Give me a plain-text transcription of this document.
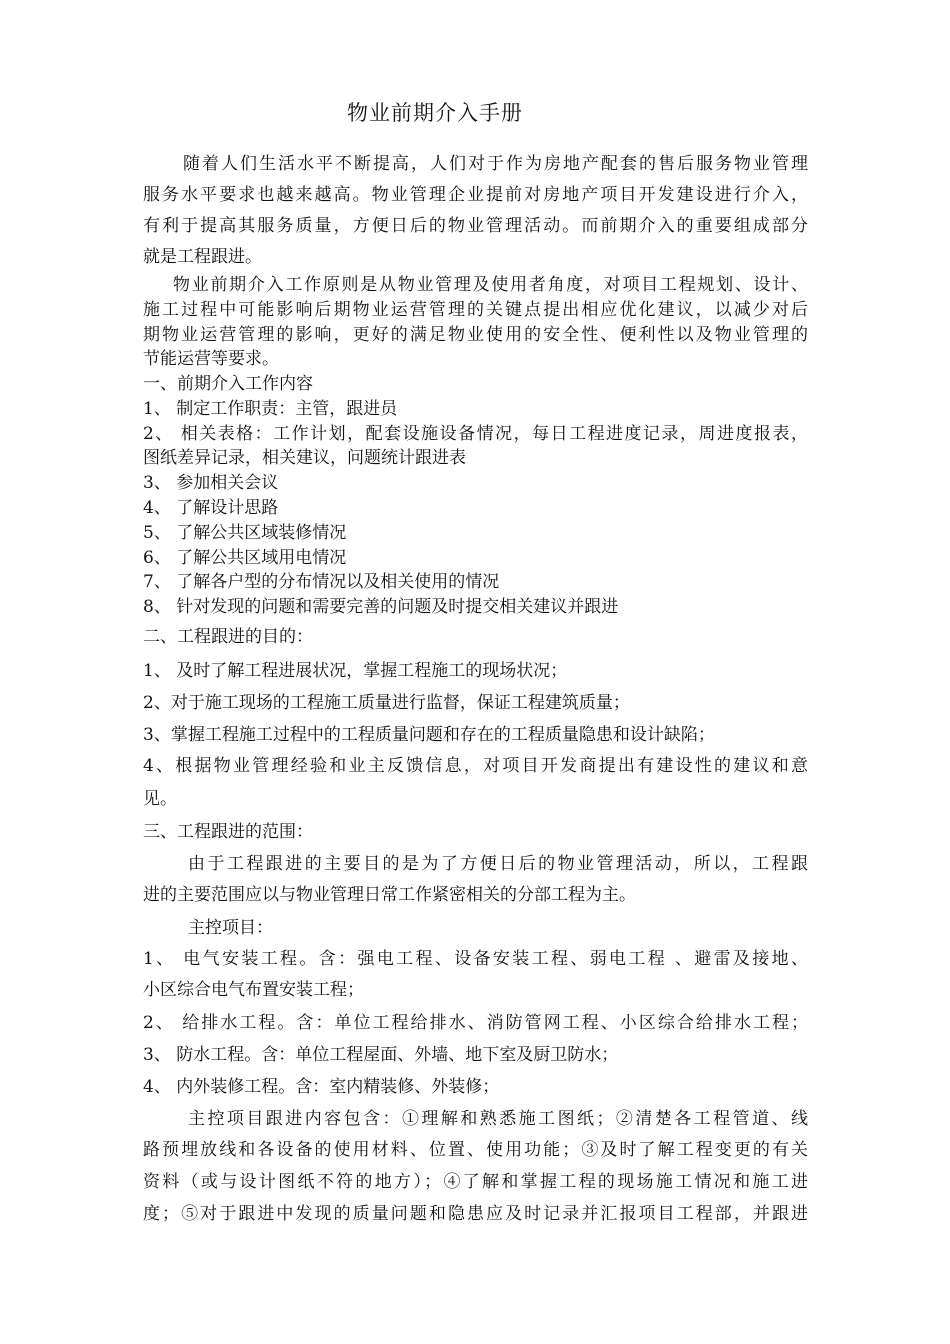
物业前期介入手册
随着人们生活水平不断提高，人们对于作为房地产配套的售后服务物业管理
服务水平要求也越来越高。物业管理企业提前对房地产项目开发建设进行介入，
有利于提高其服务质量，方便日后的物业管理活动。而前期介入的重要组成部分
就是工程跟进。
物业前期介入工作原则是从物业管理及使用者角度，对项目工程规划、设计、
施工过程中可能影响后期物业运营管理的关键点提出相应优化建议，以减少对后
期物业运营管理的影响，更好的满足物业使用的安全性、便利性以及物业管理的
节能运营等要求。
一、前期介入工作内容
1、 制定工作职责：主管，跟进员
2、 相关表格：工作计划，配套设施设备情况，每日工程进度记录，周进度报表，
图纸差异记录，相关建议，问题统计跟进表
3、 参加相关会议
4、 了解设计思路
5、 了解公共区域装修情况
6、 了解公共区域用电情况
7、 了解各户型的分布情况以及相关使用的情况
8、 针对发现的问题和需要完善的问题及时提交相关建议并跟进
二、工程跟进的目的：
1、 及时了解工程进展状况，掌握工程施工的现场状况；
2、对于施工现场的工程施工质量进行监督，保证工程建筑质量；
3、掌握工程施工过程中的工程质量问题和存在的工程质量隐患和设计缺陷；
4、根据物业管理经验和业主反馈信息，对项目开发商提出有建设性的建议和意
见。
三、工程跟进的范围：
由于工程跟进的主要目的是为了方便日后的物业管理活动，所以，工程跟
进的主要范围应以与物业管理日常工作紧密相关的分部工程为主。
主控项目：
1、 电气安装工程。含：强电工程、设备安装工程、弱电工程 、避雷及接地、
小区综合电气布置安装工程；
2、 给排水工程。含：单位工程给排水、消防管网工程、小区综合给排水工程；
3、 防水工程。含：单位工程屋面、外墙、地下室及厨卫防水；
4、 内外装修工程。含：室内精装修、外装修；
主控项目跟进内容包含：①理解和熟悉施工图纸；②清楚各工程管道、线
路预埋放线和各设备的使用材料、位置、使用功能；③及时了解工程变更的有关
资料（或与设计图纸不符的地方）；④了解和掌握工程的现场施工情况和施工进
度；⑤对于跟进中发现的质量问题和隐患应及时记录并汇报项目工程部，并跟进
